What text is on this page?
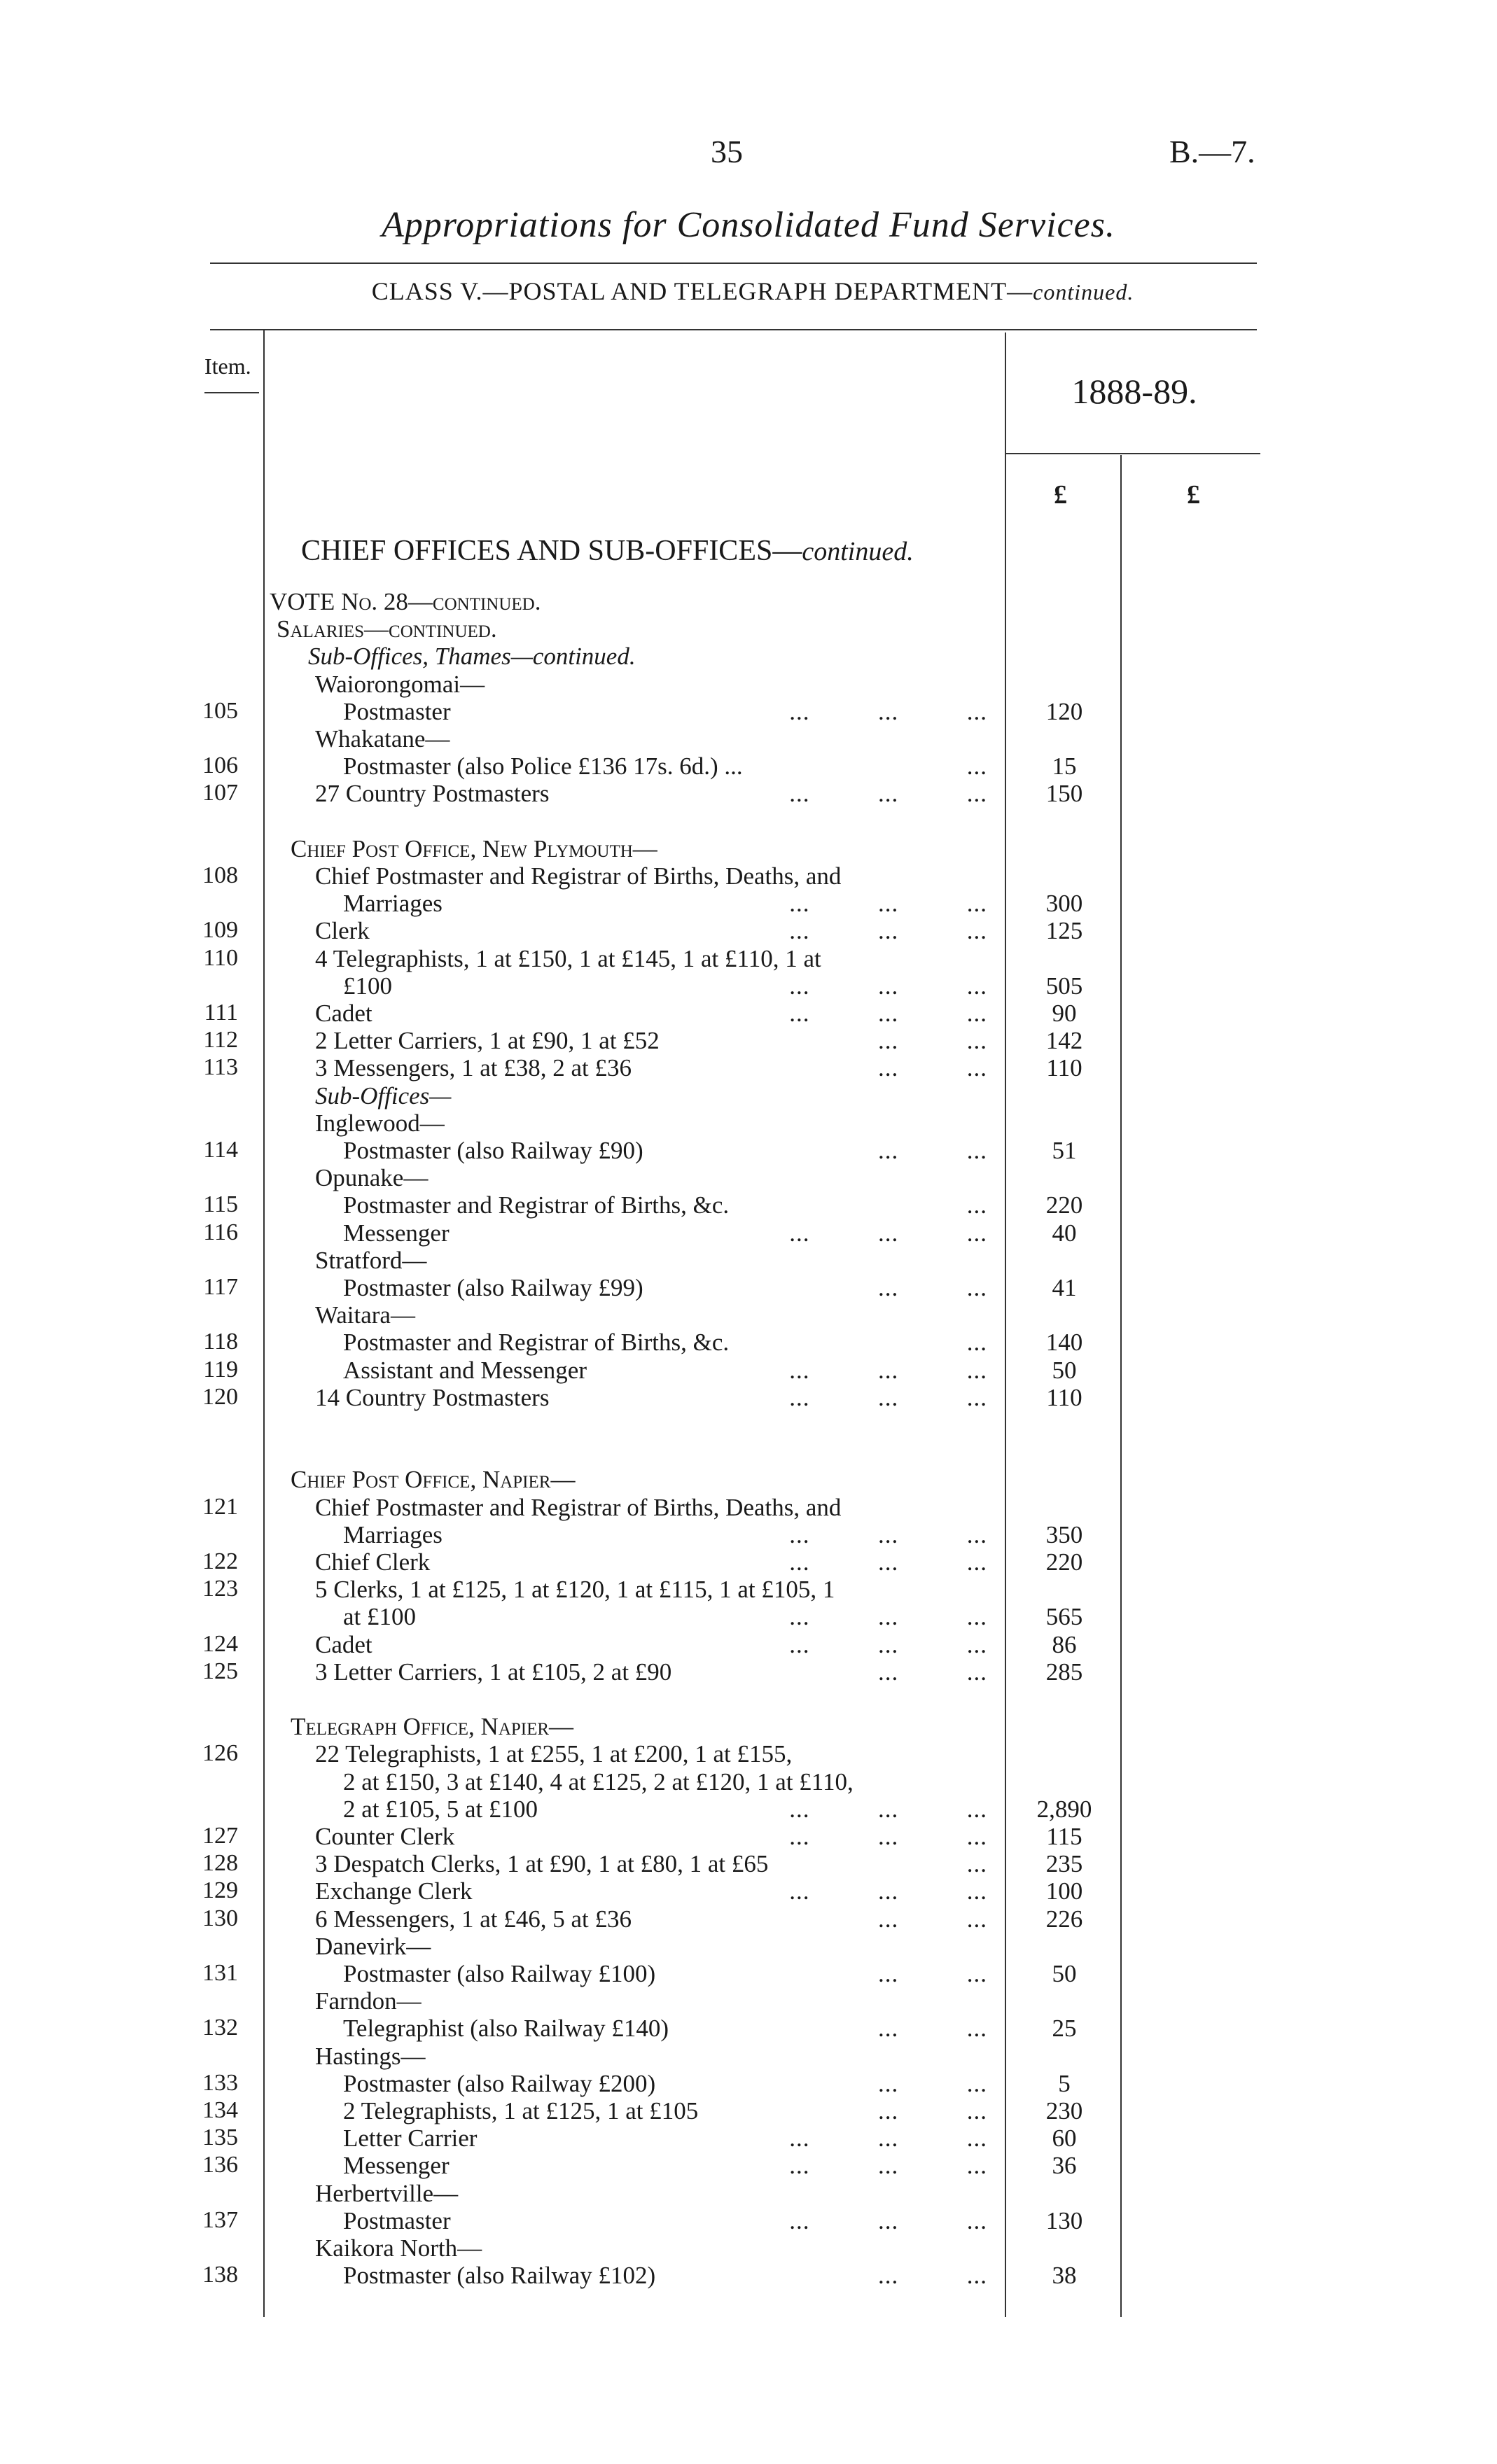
35	B.—7.
Appropriations for Consolidated Fund Services.
CLASS V.—POSTAL AND TELEGRAPH DEPARTMENT—continued.
Item.
1888-89.
£	£
CHIEF OFFICES AND SUB-OFFICES—continued.
VOTE No. 28—continued.
Salaries—continued.
Sub-Offices, Thames—continued.
Waiorongomai—
105	Postmaster	...          ...          ...	120
Whakatane—
106	Postmaster (also Police £136 17s. 6d.) ...	...	15
107	27 Country Postmasters	...          ...          ...	150
Chief Post Office, New Plymouth—
108	Chief Postmaster and Registrar of Births, Deaths, and
Marriages	...          ...          ...	300
109	Clerk	...          ...          ...	125
110	4 Telegraphists, 1 at £150, 1 at £145, 1 at £110, 1 at
£100	...          ...          ...	505
111	Cadet	...          ...          ...	90
112	2 Letter Carriers, 1 at £90, 1 at £52	...          ...	142
113	3 Messengers, 1 at £38, 2 at £36	...          ...	110
Sub-Offices—
Inglewood—
114	Postmaster (also Railway £90)	...          ...	51
Opunake—
115	Postmaster and Registrar of Births, &c.	...	220
116	Messenger	...          ...          ...	40
Stratford—
117	Postmaster (also Railway £99)	...          ...	41
Waitara—
118	Postmaster and Registrar of Births, &c.	...	140
119	Assistant and Messenger	...          ...          ...	50
120	14 Country Postmasters	...          ...          ...	110
Chief Post Office, Napier—
121	Chief Postmaster and Registrar of Births, Deaths, and
Marriages	...          ...          ...	350
122	Chief Clerk	...          ...          ...	220
123	5 Clerks, 1 at £125, 1 at £120, 1 at £115, 1 at £105, 1
at £100	...          ...          ...	565
124	Cadet	...          ...          ...	86
125	3 Letter Carriers, 1 at £105, 2 at £90	...          ...	285
Telegraph Office, Napier—
126	22 Telegraphists, 1 at £255, 1 at £200, 1 at £155,
2 at £150, 3 at £140, 4 at £125, 2 at £120, 1 at £110,
2 at £105, 5 at £100	...          ...          ...	2,890
127	Counter Clerk	...          ...          ...	115
128	3 Despatch Clerks, 1 at £90, 1 at £80, 1 at £65	...	235
129	Exchange Clerk	...          ...          ...	100
130	6 Messengers, 1 at £46, 5 at £36	...          ...	226
Danevirk—
131	Postmaster (also Railway £100)	...          ...	50
Farndon—
132	Telegraphist (also Railway £140)	...          ...	25
Hastings—
133	Postmaster (also Railway £200)	...          ...	5
134	2 Telegraphists, 1 at £125, 1 at £105	...          ...	230
135	Letter Carrier	...          ...          ...	60
136	Messenger	...          ...          ...	36
Herbertville—
137	Postmaster	...          ...          ...	130
Kaikora North—
138	Postmaster (also Railway £102)	...          ...	38
